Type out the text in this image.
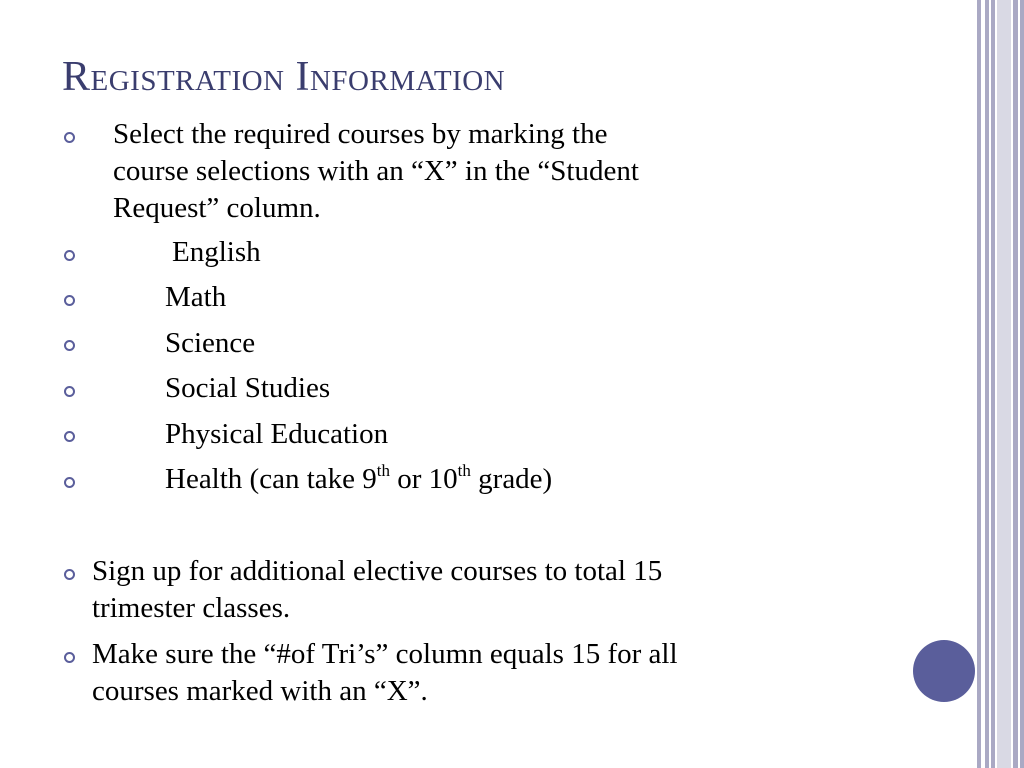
Registration Information
Select the required courses by marking the
course selections with an “X” in the “Student
Request” column.
English
Math
Science
Social Studies
Physical Education
Health (can take 9th or 10th grade)
Sign up for additional elective courses to total 15
trimester classes.
Make sure the “#of Tri’s” column equals 15 for all
courses marked with an “X”.
